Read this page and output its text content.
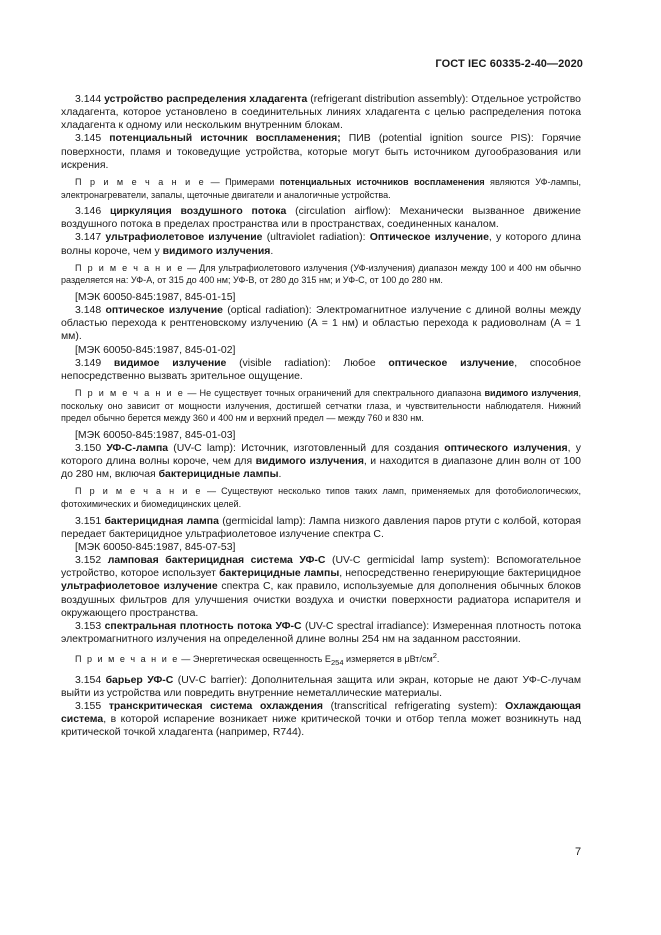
ГОСТ IEC 60335-2-40—2020

3.144 устройство распределения хладагента (refrigerant distribution assembly): Отдельное устройство хладагента, которое установлено в соединительных линиях хладагента с целью распределения потока хладагента к одному или нескольким внутренним блокам.

3.145 потенциальный источник воспламенения; ПИВ (potential ignition source PIS): Горячие поверхности, пламя и токоведущие устройства, которые могут быть источником дугообразования или искрения.

П р и м е ч а н и е — Примерами потенциальных источников воспламенения являются УФ-лампы, электронагреватели, запалы, щеточные двигатели и аналогичные устройства.

3.146 циркуляция воздушного потока (circulation airflow): Механически вызванное движение воздушного потока в пределах пространства или в пространствах, соединенных каналом.

3.147 ультрафиолетовое излучение (ultraviolet radiation): Оптическое излучение, у которого длина волны короче, чем у видимого излучения.

П р и м е ч а н и е — Для ультрафиолетового излучения (УФ-излучения) диапазон между 100 и 400 нм обычно разделяется на: УФ-А, от 315 до 400 нм; УФ-В, от 280 до 315 нм; и УФ-С, от 100 до 280 нм.

[МЭК 60050-845:1987, 845-01-15]

3.148 оптическое излучение (optical radiation): Электромагнитное излучение с длиной волны между областью перехода к рентгеновскому излучению (А = 1 нм) и областью перехода к радиоволнам (А = 1 мм).

[МЭК 60050-845:1987, 845-01-02]

3.149 видимое излучение (visible radiation): Любое оптическое излучение, способное непосредственно вызвать зрительное ощущение.

П р и м е ч а н и е — Не существует точных ограничений для спектрального диапазона видимого излучения, поскольку оно зависит от мощности излучения, достигшей сетчатки глаза, и чувствительности наблюдателя. Нижний предел обычно берется между 360 и 400 нм и верхний предел — между 760 и 830 нм.

[МЭК 60050-845:1987, 845-01-03]

3.150 УФ-С-лампа (UV-C lamp): Источник, изготовленный для создания оптического излучения, у которого длина волны короче, чем для видимого излучения, и находится в диапазоне длин волн от 100 до 280 нм, включая бактерицидные лампы.

П р и м е ч а н и е — Существуют несколько типов таких ламп, применяемых для фотобиологических, фотохимических и биомедицинских целей.

3.151 бактерицидная лампа (germicidal lamp): Лампа низкого давления паров ртути с колбой, которая передает бактерицидное ультрафиолетовое излучение спектра С.

[МЭК 60050-845:1987, 845-07-53]

3.152 ламповая бактерицидная система УФ-С (UV-C germicidal lamp system): Вспомогательное устройство, которое использует бактерицидные лампы, непосредственно генерирующие бактерицидное ультрафиолетовое излучение спектра С, как правило, используемые для дополнения обычных блоков воздушных фильтров для улучшения очистки воздуха и очистки поверхности радиатора испарителя и окружающего пространства.

3.153 спектральная плотность потока УФ-С (UV-C spectral irradiance): Измеренная плотность потока электромагнитного излучения на определенной длине волны 254 нм на заданном расстоянии.

П р и м е ч а н и е — Энергетическая освещенность $E_{254}$ измеряется в μВт/$см^2$.

3.154 барьер УФ-С (UV-C barrier): Дополнительная защита или экран, которые не дают УФ-С-лучам выйти из устройства или повредить внутренние неметаллические материалы.

3.155 транскритическая система охлаждения (transcritical refrigerating system): Охлаждающая система, в которой испарение возникает ниже критической точки и отбор тепла может возникнуть над критической точкой хладагента (например, R744).

7
